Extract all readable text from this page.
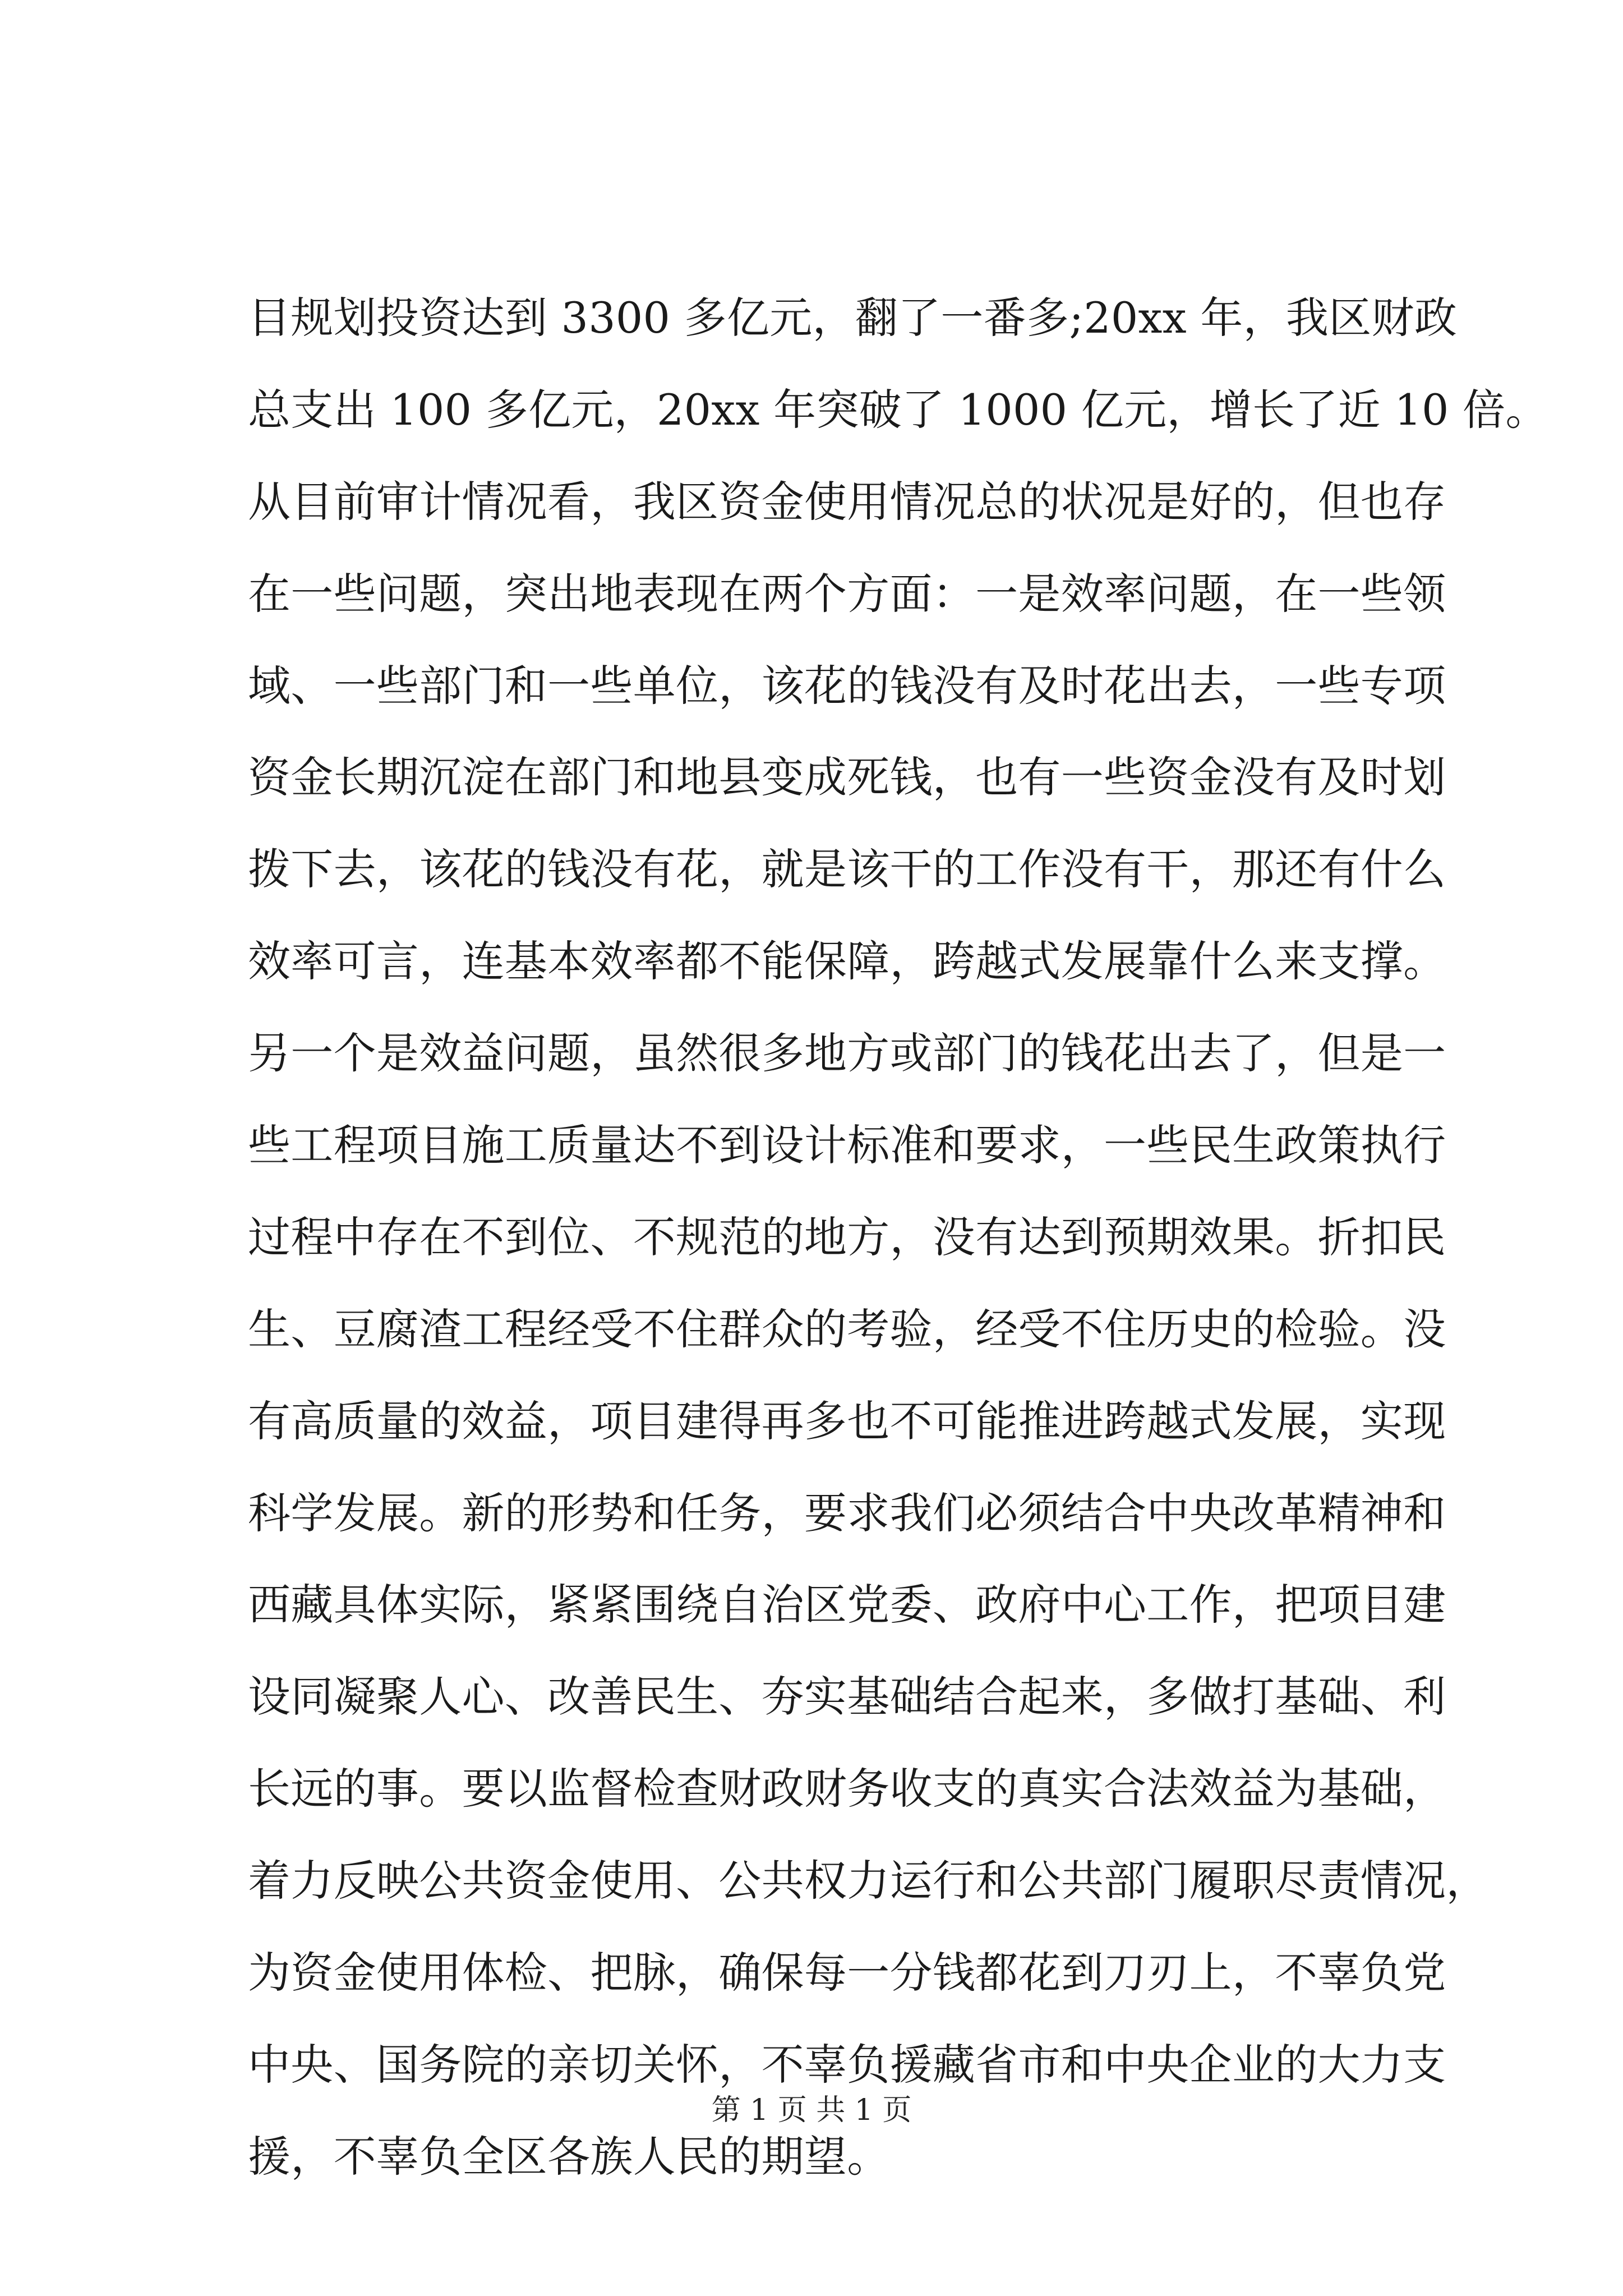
目规划投资达到 3300 多亿元，翻了一番多;20xx 年，我区财政
总支出 100 多亿元，20xx 年突破了 1000 亿元，增长了近 10 倍。
从目前审计情况看，我区资金使用情况总的状况是好的，但也存
在一些问题，突出地表现在两个方面：一是效率问题，在一些领
域、一些部门和一些单位，该花的钱没有及时花出去，一些专项
资金长期沉淀在部门和地县变成死钱，也有一些资金没有及时划
拨下去，该花的钱没有花，就是该干的工作没有干，那还有什么
效率可言，连基本效率都不能保障，跨越式发展靠什么来支撑。
另一个是效益问题，虽然很多地方或部门的钱花出去了，但是一
些工程项目施工质量达不到设计标准和要求，一些民生政策执行
过程中存在不到位、不规范的地方，没有达到预期效果。折扣民
生、豆腐渣工程经受不住群众的考验，经受不住历史的检验。没
有高质量的效益，项目建得再多也不可能推进跨越式发展，实现
科学发展。新的形势和任务，要求我们必须结合中央改革精神和
西藏具体实际，紧紧围绕自治区党委、政府中心工作，把项目建
设同凝聚人心、改善民生、夯实基础结合起来，多做打基础、利
长远的事。要以监督检查财政财务收支的真实合法效益为基础，
着力反映公共资金使用、公共权力运行和公共部门履职尽责情况，
为资金使用体检、把脉，确保每一分钱都花到刀刃上，不辜负党
中央、国务院的亲切关怀，不辜负援藏省市和中央企业的大力支
援，不辜负全区各族人民的期望。
第 1 页 共 1 页
